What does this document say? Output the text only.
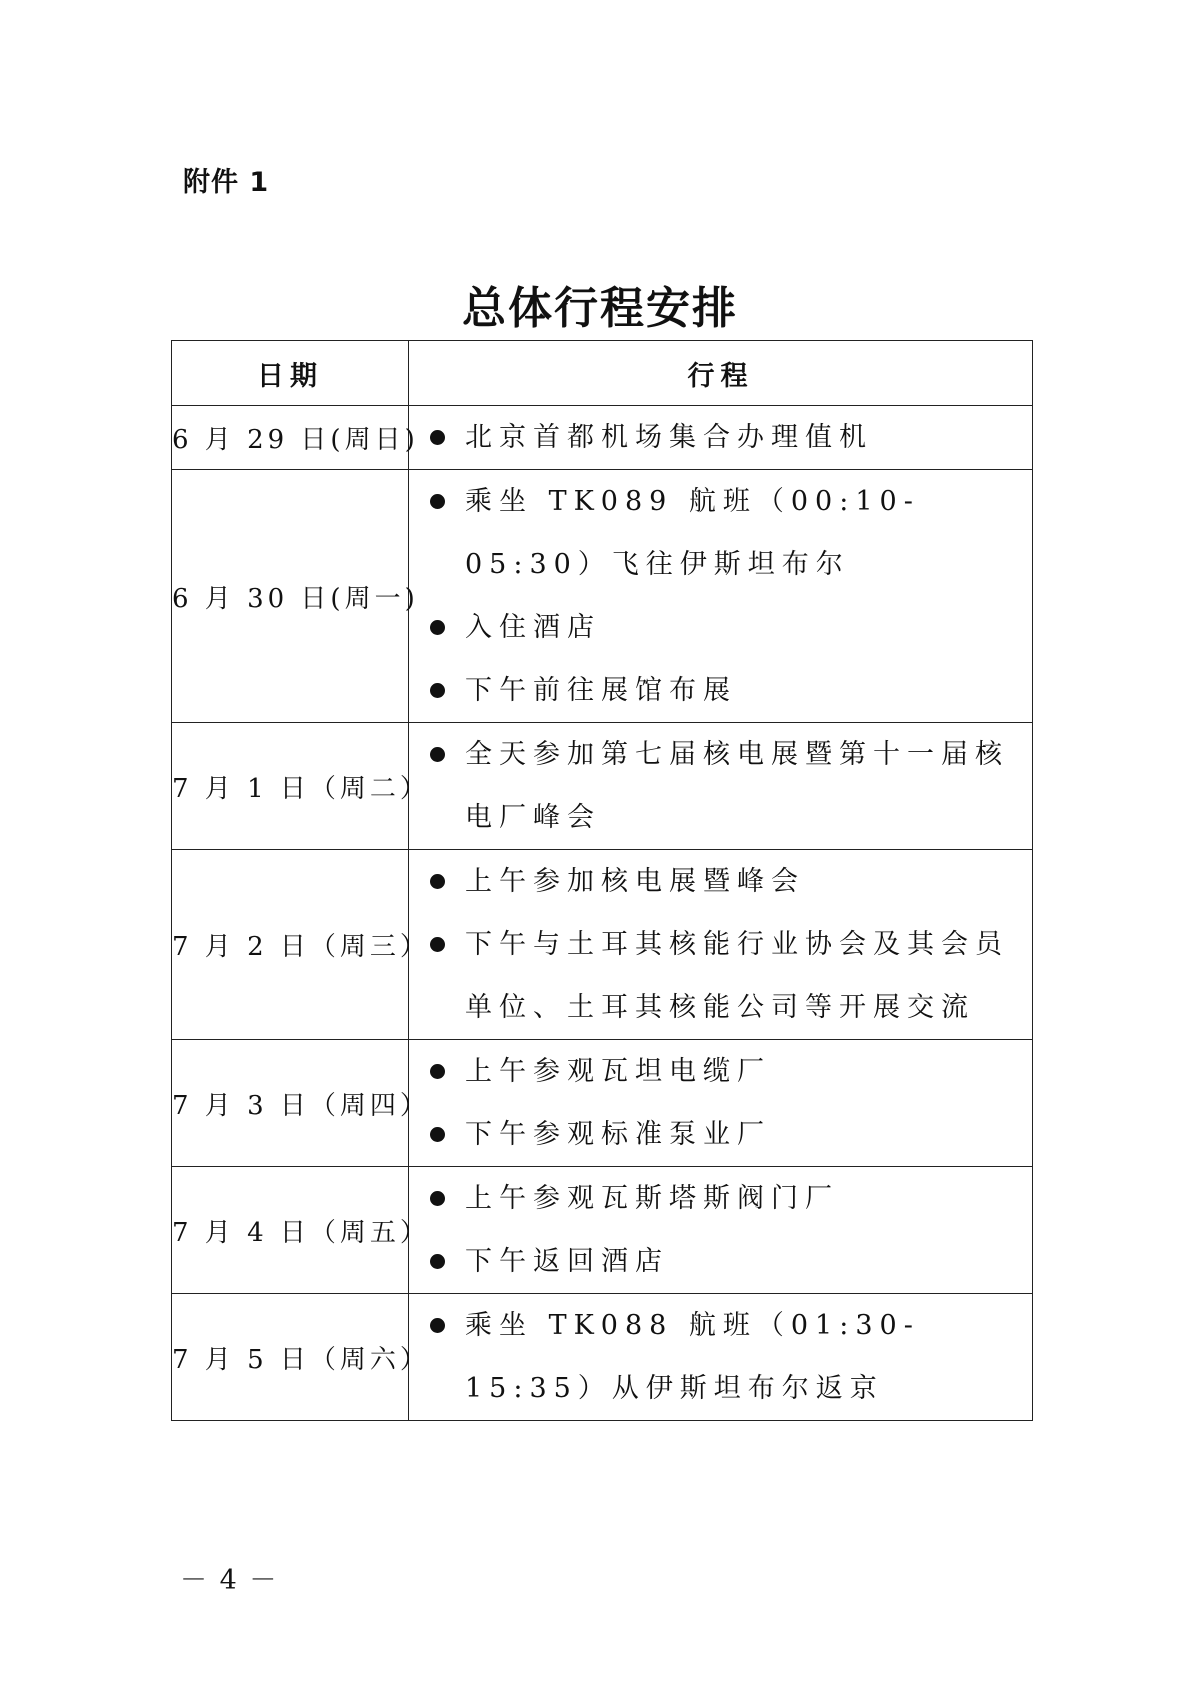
附件 1
总体行程安排
日期	行程
6 月 29 日(周日)	北京首都机场集合办理值机

6 月 30 日(周一)	乘坐 TK089 航班（00:10-05:30）飞往伊斯坦布尔
入住酒店
下午前往展馆布展

7 月 1 日（周二）	全天参加第七届核电展暨第十一届核电厂峰会

7 月 2 日（周三）	上午参加核电展暨峰会
下午与土耳其核能行业协会及其会员单位、土耳其核能公司等开展交流

7 月 3 日（周四）	上午参观瓦坦电缆厂
下午参观标准泵业厂

7 月 4 日（周五）	上午参观瓦斯塔斯阀门厂
下午返回酒店

7 月 5 日（周六）	乘坐 TK088 航班（01:30-15:35）从伊斯坦布尔返京
－ 4 －
